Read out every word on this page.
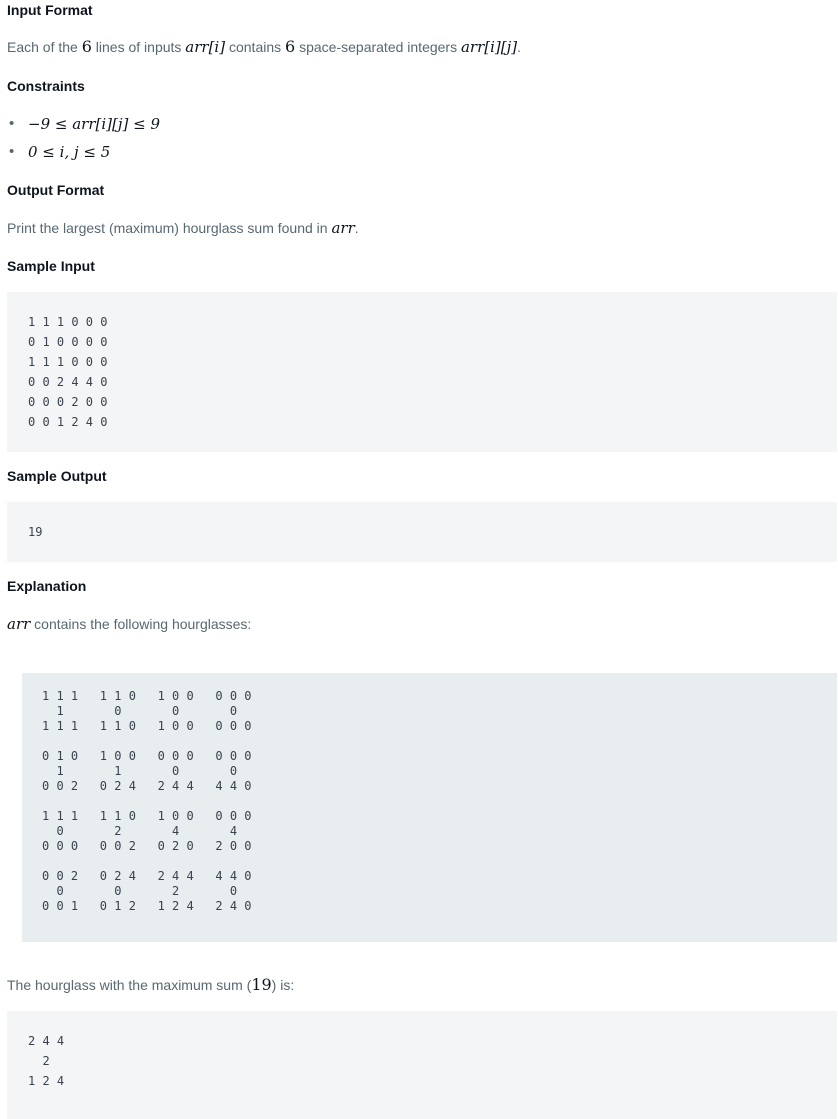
Input Format

Each of the 6 lines of inputs arr[i] contains 6 space-separated integers arr[i][j].

Constraints
• −9 ≤ arr[i][j] ≤ 9
• 0 ≤ i, j ≤ 5
Output Format

Print the largest (maximum) hourglass sum found in arr.

Sample Input
1 1 1 0 0 0
0 1 0 0 0 0
1 1 1 0 0 0
0 0 2 4 4 0
0 0 0 2 0 0
0 0 1 2 4 0
Sample Output
19
Explanation

arr contains the following hourglasses:

1 1 1   1 1 0   1 0 0   0 0 0
1       0       0       0
1 1 1   1 1 0   1 0 0   0 0 0

0 1 0   1 0 0   0 0 0   0 0 0
1       1       0       0
0 0 2   0 2 4   2 4 4   4 4 0

1 1 1   1 1 0   1 0 0   0 0 0
0       2       4       4
0 0 0   0 0 2   0 2 0   2 0 0

0 0 2   0 2 4   2 4 4   4 4 0
0       0       2       0
0 0 1   0 1 2   1 2 4   2 4 0

The hourglass with the maximum sum (19) is:

2 4 4
2
1 2 4
